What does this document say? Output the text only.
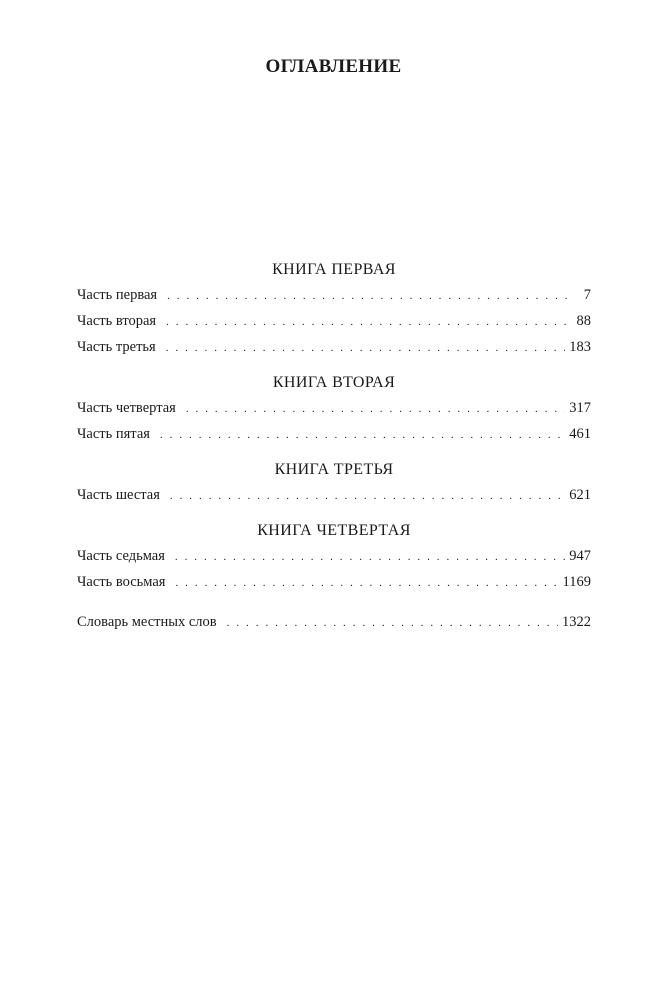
ОГЛАВЛЕНИЕ
КНИГА ПЕРВАЯ
Часть первая . . .	7
Часть вторая . . .	88
Часть третья . . .	183
КНИГА ВТОРАЯ
Часть четвертая . . .	317
Часть пятая . . .	461
КНИГА ТРЕТЬЯ
Часть шестая . . .	621
КНИГА ЧЕТВЕРТАЯ
Часть седьмая . . .	947
Часть восьмая . . .	1169
Словарь местных слов . . .	1322
